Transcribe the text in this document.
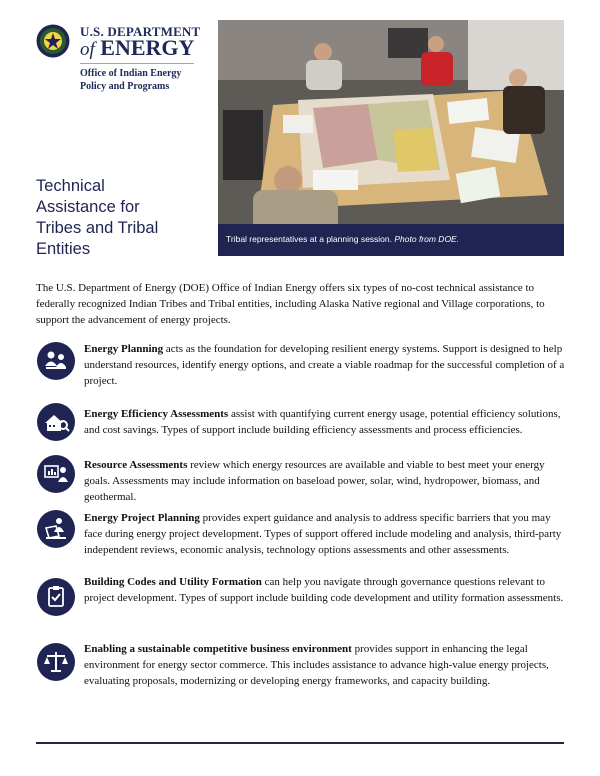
U.S. DEPARTMENT
of ENERGY
Office of Indian Energy
Policy and Programs
Tribal representatives at a planning session. Photo from DOE.
Technical
Assistance for
Tribes and Tribal
Entities
The U.S. Department of Energy (DOE) Office of Indian Energy offers six types of no-cost technical assistance to federally recognized Indian Tribes and Tribal entities, including Alaska Native regional and Village corporations, to support the advancement of energy projects.
Energy Planning acts as the foundation for developing resilient energy systems. Support is designed to help understand resources, identify energy options, and create a viable roadmap for the successful completion of a project.
Energy Efficiency Assessments assist with quantifying current energy usage, potential efficiency solutions, and cost savings. Types of support include building efficiency assessments and process efficiencies.
Resource Assessments review which energy resources are available and viable to best meet your energy goals. Assessments may include information on baseload power, solar, wind, hydropower, biomass, and geothermal.
Energy Project Planning provides expert guidance and analysis to address specific barriers that you may face during energy project development. Types of support offered include modeling and analysis, third-party independent reviews, economic analysis, technology options assessments and other assessments.
Building Codes and Utility Formation can help you navigate through governance questions relevant to project development. Types of support include building code development and utility formation assessments.
Enabling a sustainable competitive business environment provides support in enhancing the legal environment for energy sector commerce. This includes assistance to advance high-value energy projects, evaluating proposals, modernizing or developing energy frameworks, and capacity building.
